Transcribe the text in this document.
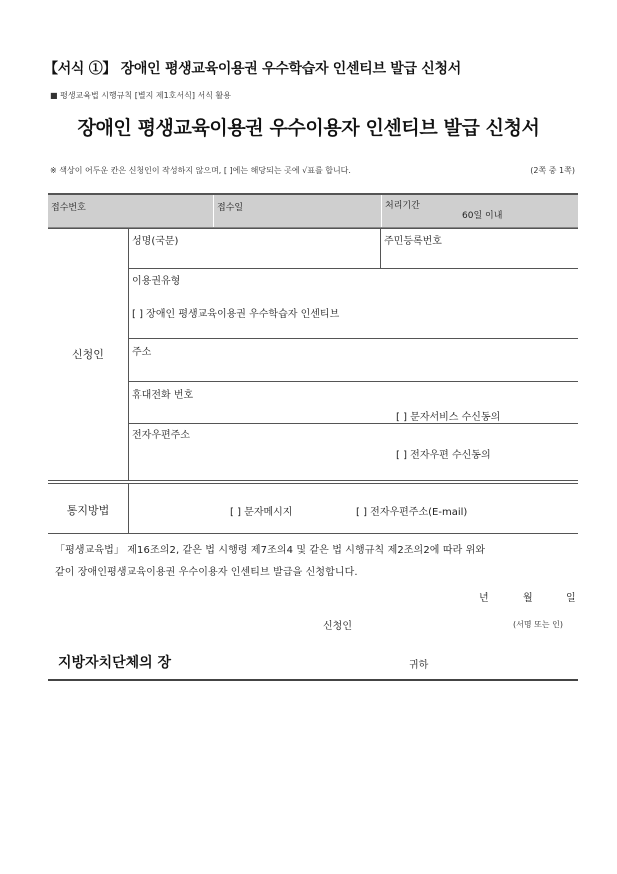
【서식 ①】 장애인 평생교육이용권 우수학습자 인센티브 발급 신청서
■ 평생교육법 시행규칙 [별지 제1호서식] 서식 활용
장애인 평생교육이용권 우수이용자 인센티브 발급 신청서
※ 색상이 어두운 칸은 신청인이 작성하지 않으며, [ ]에는 해당되는 곳에 √표를 합니다.	(2쪽 중 1쪽)
접수번호	접수일	처리기간
60일 이내
신청인
성명(국문)	주민등록번호
이용권유형
[ ] 장애인 평생교육이용권 우수학습자 인센티브
주소
휴대전화 번호
[ ] 문자서비스 수신동의
전자우편주소
[ ] 전자우편 수신동의
통지방법	[ ] 문자메시지	[ ] 전자우편주소(E-mail)
「평생교육법」 제16조의2, 같은 법 시행령 제7조의4 및 같은 법 시행규칙 제2조의2에 따라 위와
같이 장애인평생교육이용권 우수이용자 인센티브 발급을 신청합니다.
년	월	일
신청인	(서명 또는 인)
지방자치단체의 장	귀하
